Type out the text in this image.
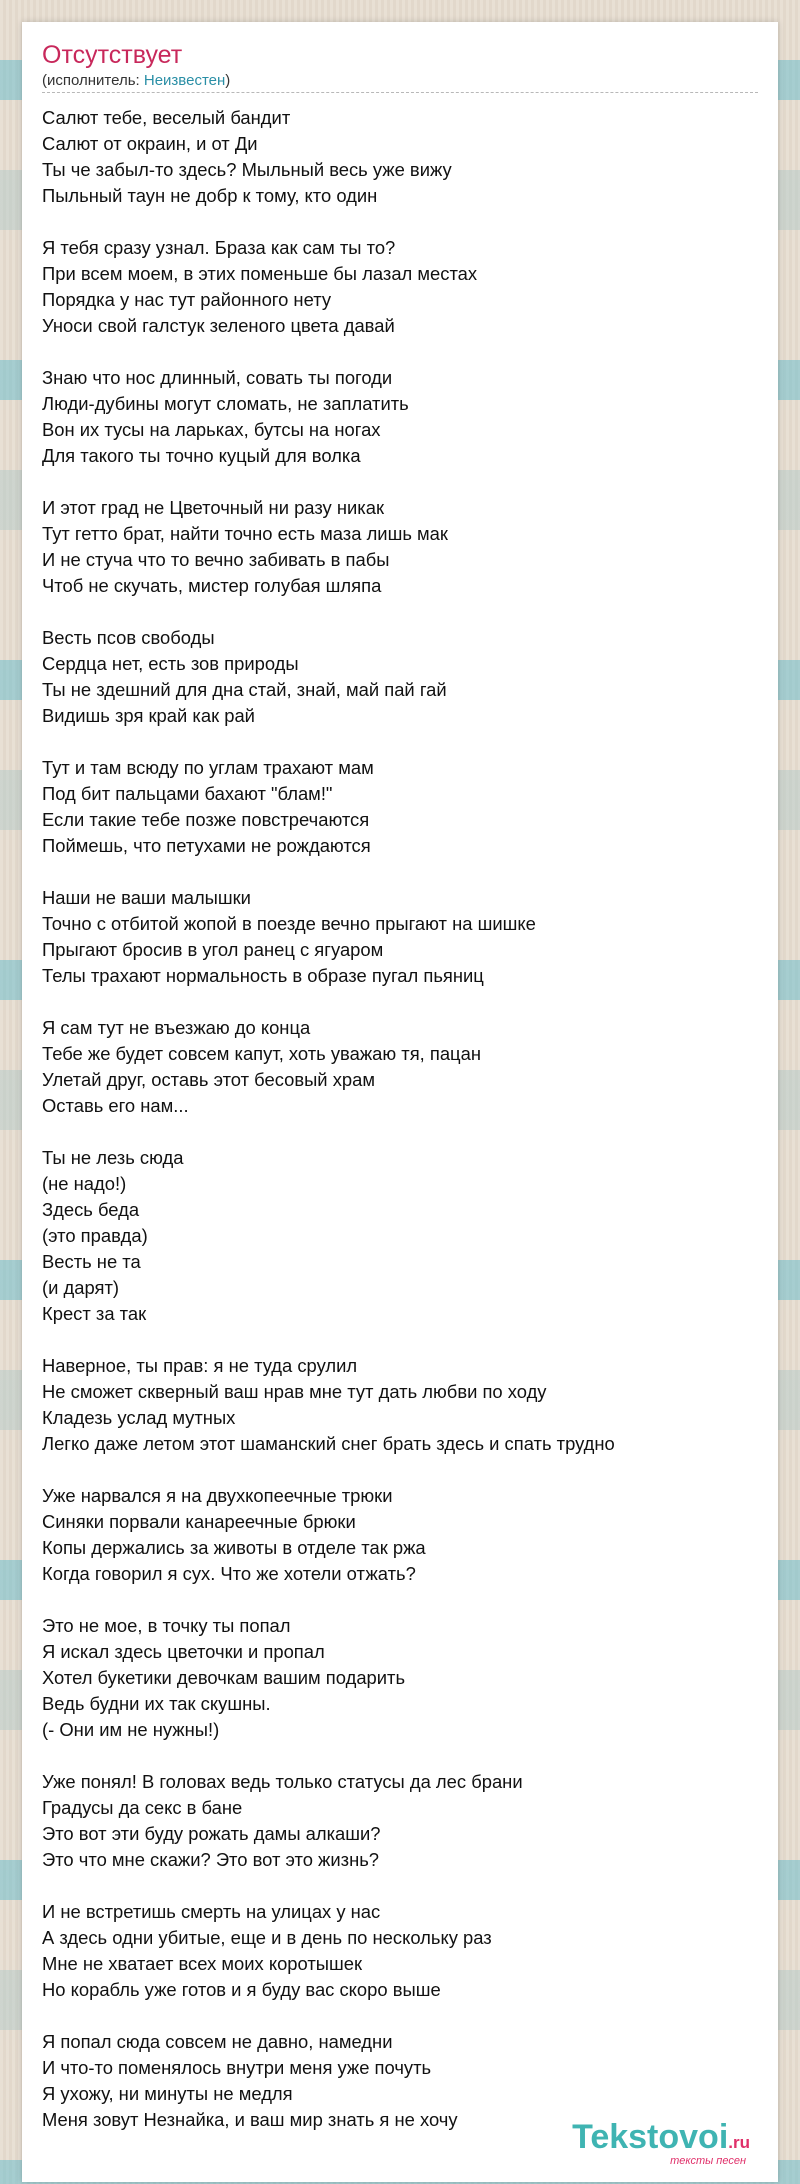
Отсутствует
(исполнитель: Неизвестен)
Салют тебе, веселый бандит
Салют от окраин, и от Ди
Ты че забыл-то здесь? Мыльный весь уже вижу
Пыльный таун не добр к тому, кто один
Я тебя сразу узнал. Браза как сам ты то?
При всем моем, в этих поменьше бы лазал местах
Порядка у нас тут районного нету
Уноси свой галстук зеленого цвета давай
Знаю что нос длинный, совать ты погоди
Люди-дубины могут сломать, не заплатить
Вон их тусы на ларьках, бутсы на ногах
Для такого ты точно куцый для волка
И этот град не Цветочный ни разу никак
Тут гетто брат, найти точно есть маза лишь мак
И не стуча что то вечно забивать в пабы
Чтоб не скучать, мистер голубая шляпа
Весть псов свободы
Сердца нет, есть зов природы
Ты не здешний для дна стай, знай, май пай гай
Видишь зря край как рай
Тут и там всюду по углам трахают мам
Под бит пальцами бахают "блам!"
Если такие тебе позже повстречаются
Поймешь, что петухами не рождаются
Наши не ваши малышки
Точно с отбитой жопой в поезде вечно прыгают на шишке
Прыгают бросив в угол ранец с ягуаром
Телы трахают нормальность в образе пугал пьяниц
Я сам тут не въезжаю до конца
Тебе же будет совсем капут, хоть уважаю тя, пацан
Улетай друг, оставь этот бесовый храм
Оставь его нам...
Ты не лезь сюда
(не надо!)
Здесь беда
(это правда)
Весть не та
(и дарят)
Крест за так
Наверное, ты прав: я не туда срулил
Не сможет скверный ваш нрав мне тут дать любви по ходу
Кладезь услад мутных
Легко даже летом этот шаманский снег брать здесь и спать трудно
Уже нарвался я на двухкопеечные трюки
Синяки порвали канареечные брюки
Копы держались за животы в отделе так ржа
Когда говорил я сух. Что же хотели отжать?
Это не мое, в точку ты попал
Я искал здесь цветочки и пропал
Хотел букетики девочкам вашим подарить
Ведь будни их так скушны.
(- Они им не нужны!)
Уже понял! В головах ведь только статусы да лес брани
Градусы да секс в бане
Это вот эти буду рожать дамы алкаши?
Это что мне скажи? Это вот это жизнь?
И не встретишь смерть на улицах у нас
А здесь одни убитые, еще и в день по нескольку раз
Мне не хватает всех моих коротышек
Но корабль уже готов и я буду вас скоро выше
Я попал сюда совсем не давно, намедни
И что-то поменялось внутри меня уже почуть
Я ухожу, ни минуты не медля
Меня зовут Незнайка, и ваш мир знать я не хочу	Tekstovoi.ru
тексты песен
